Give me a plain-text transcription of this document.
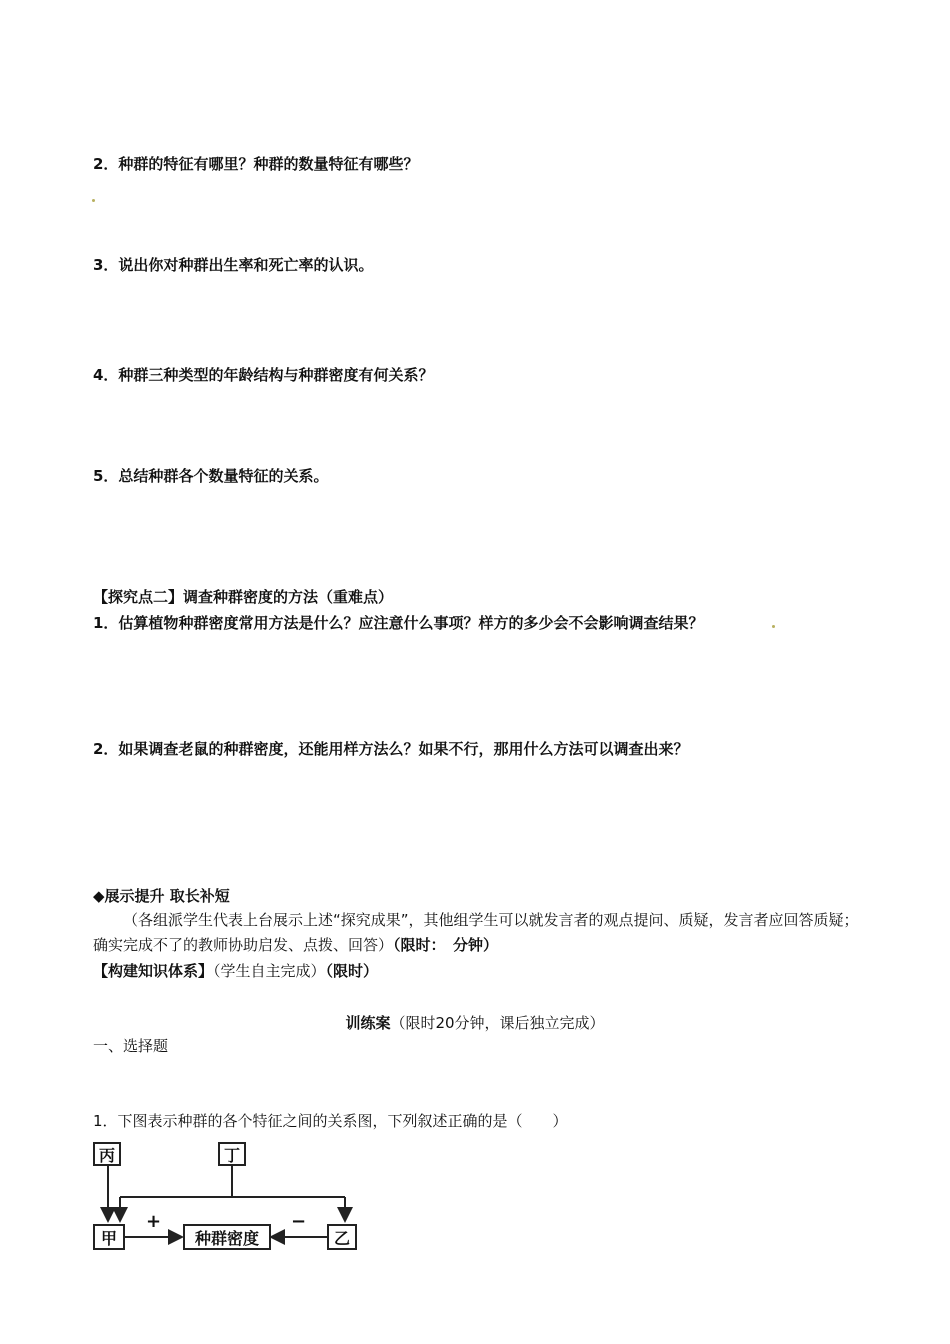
2．种群的特征有哪里？种群的数量特征有哪些？
3．说出你对种群出生率和死亡率的认识。
4．种群三种类型的年龄结构与种群密度有何关系？
5．总结种群各个数量特征的关系。
【探究点二】调查种群密度的方法（重难点）
1．估算植物种群密度常用方法是什么？应注意什么事项？样方的多少会不会影响调查结果？
2．如果调查老鼠的种群密度，还能用样方法么？如果不行，那用什么方法可以调查出来？
◆展示提升 取长补短
（各组派学生代表上台展示上述“探究成果”，其他组学生可以就发言者的观点提问、质疑，发言者应回答质疑；确实完成不了的教师协助启发、点拨、回答）（限时：　分钟）
【构建知识体系】（学生自主完成）（限时）
训练案（限时20分钟，课后独立完成）
一、选择题
1．下图表示种群的各个特征之间的关系图，下列叙述正确的是（　　）
丙	丁
甲	种群密度	乙
+	−
